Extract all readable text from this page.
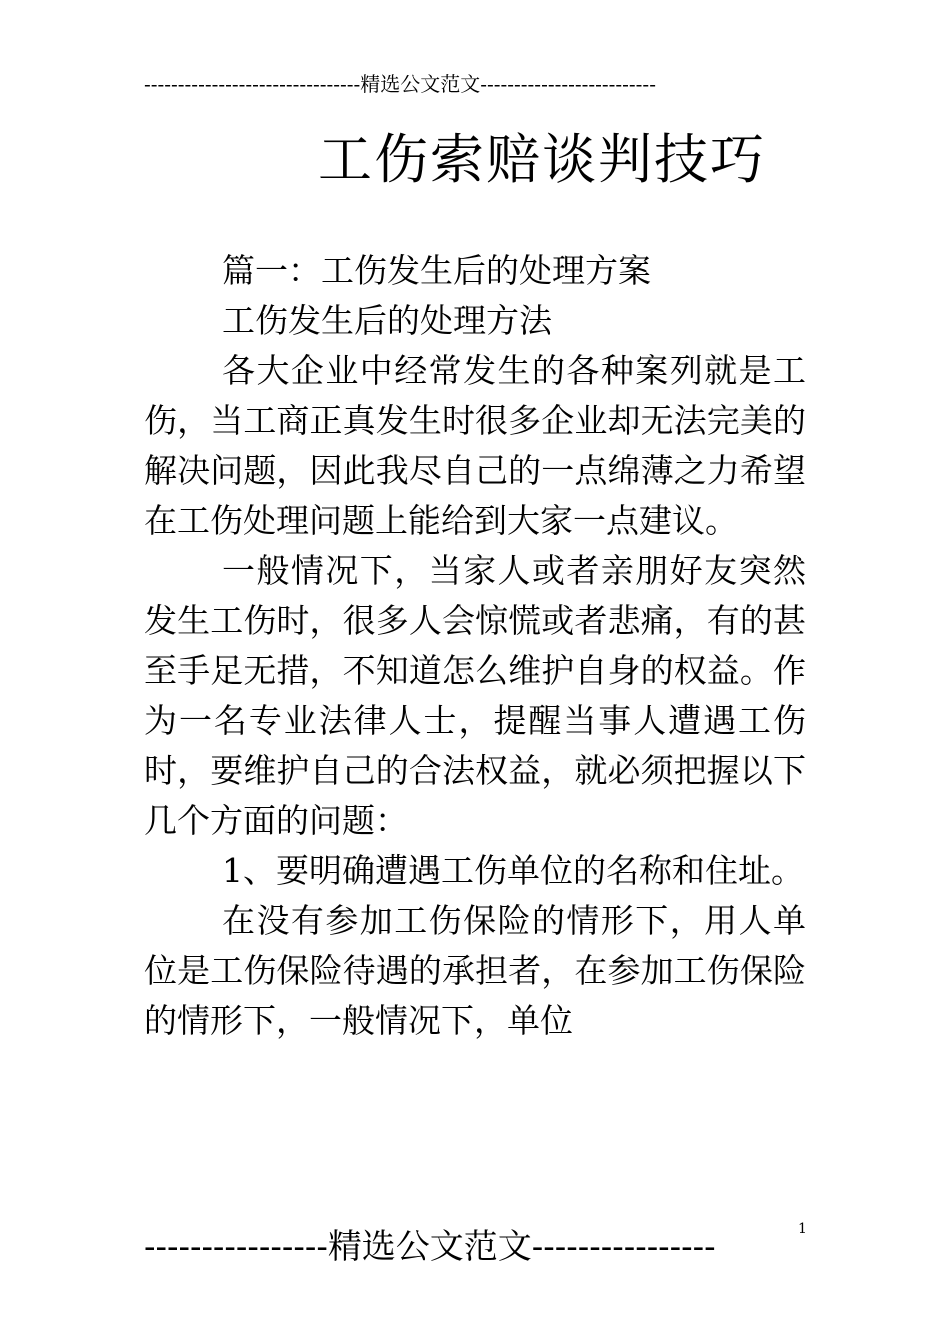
--------------------------------精选公文范文--------------------------
工伤索赔谈判技巧

篇一：工伤发生后的处理方案

工伤发生后的处理方法

各大企业中经常发生的各种案列就是工伤，当工商正真发生时很多企业却无法完美的解决问题，因此我尽自己的一点绵薄之力希望在工伤处理问题上能给到大家一点建议。

一般情况下，当家人或者亲朋好友突然发生工伤时，很多人会惊慌或者悲痛，有的甚至手足无措，不知道怎么维护自身的权益。作为一名专业法律人士，提醒当事人遭遇工伤时，要维护自己的合法权益，就必须把握以下几个方面的问题：

1、要明确遭遇工伤单位的名称和住址。

在没有参加工伤保险的情形下，用人单位是工伤保险待遇的承担者，在参加工伤保险的情形下，一般情况下，单位

----------------精选公文范文----------------	1
